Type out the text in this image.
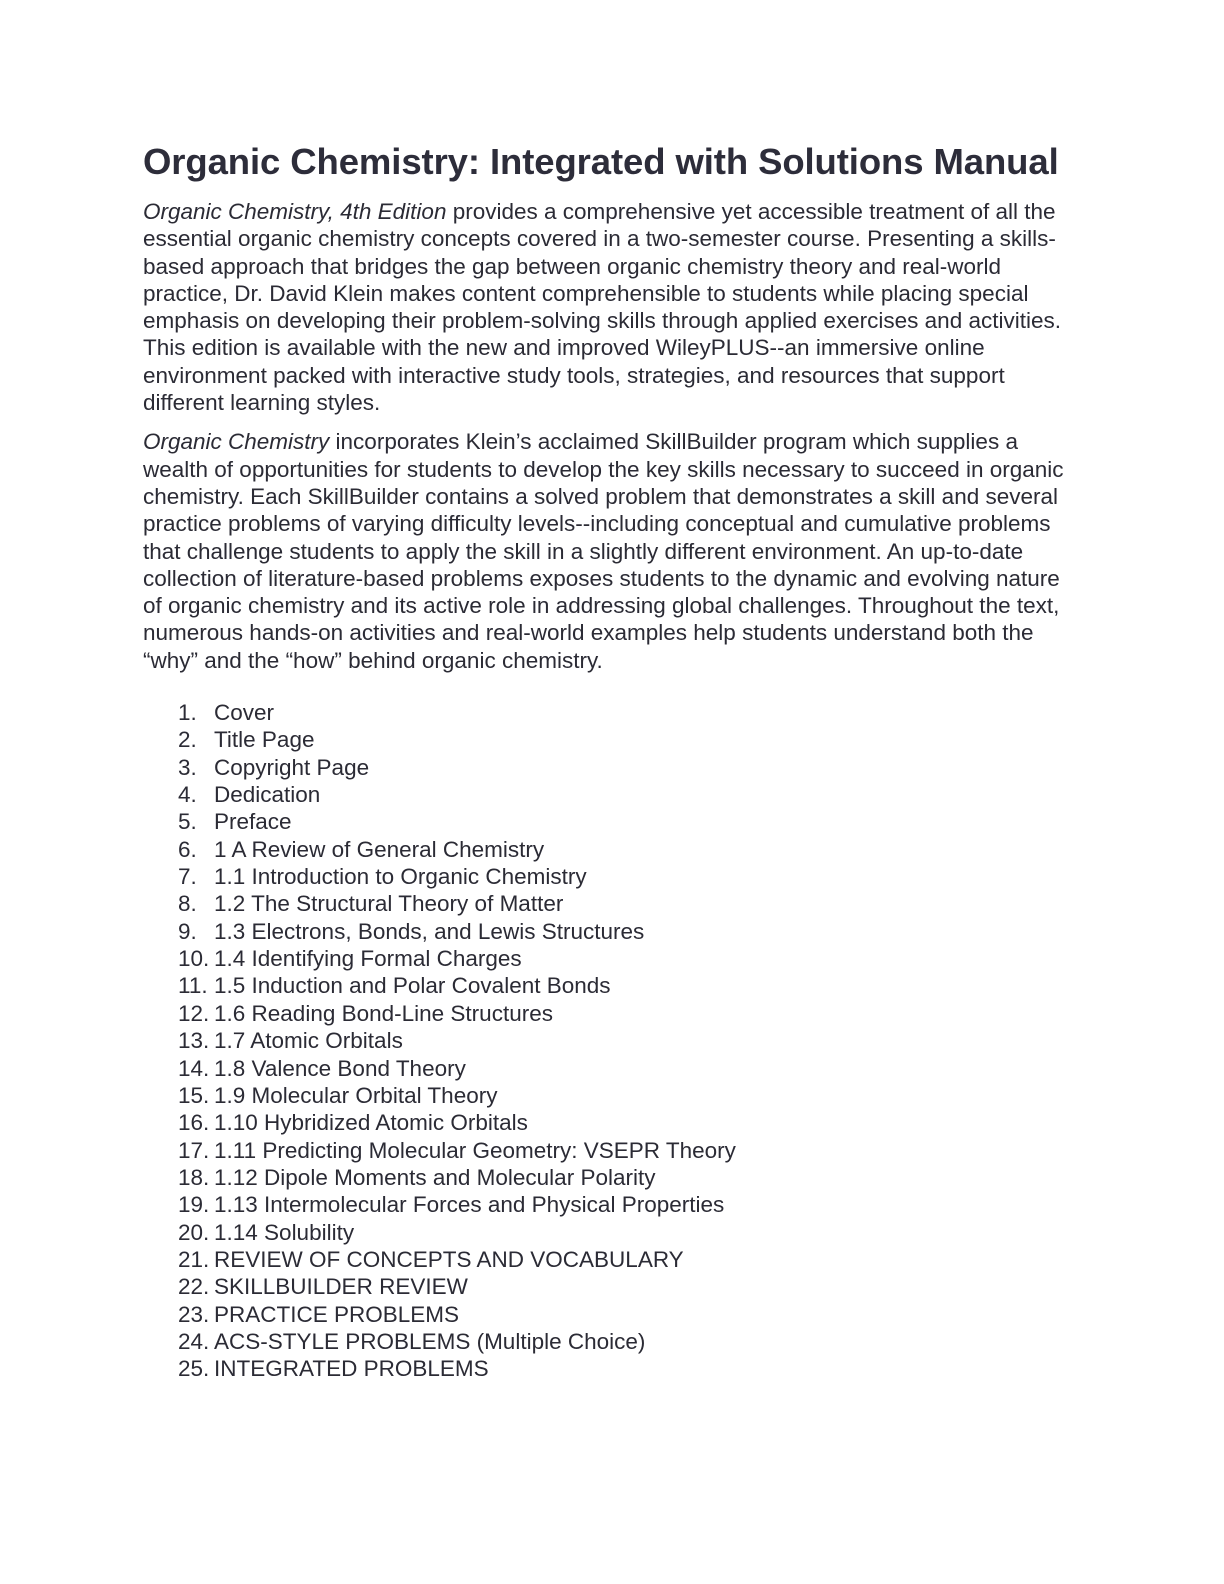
Organic Chemistry: Integrated with Solutions Manual

Organic Chemistry, 4th Edition provides a comprehensive yet accessible treatment of all the essential organic chemistry concepts covered in a two-semester course. Presenting a skills-based approach that bridges the gap between organic chemistry theory and real-world practice, Dr. David Klein makes content comprehensible to students while placing special emphasis on developing their problem-solving skills through applied exercises and activities. This edition is available with the new and improved WileyPLUS--an immersive online environment packed with interactive study tools, strategies, and resources that support different learning styles.

Organic Chemistry incorporates Klein’s acclaimed SkillBuilder program which supplies a wealth of opportunities for students to develop the key skills necessary to succeed in organic chemistry. Each SkillBuilder contains a solved problem that demonstrates a skill and several practice problems of varying difficulty levels--including conceptual and cumulative problems that challenge students to apply the skill in a slightly different environment. An up-to-date collection of literature-based problems exposes students to the dynamic and evolving nature of organic chemistry and its active role in addressing global challenges. Throughout the text, numerous hands-on activities and real-world examples help students understand both the “why” and the “how” behind organic chemistry.

1. Cover
2. Title Page
3. Copyright Page
4. Dedication
5. Preface
6. 1 A Review of General Chemistry
7. 1.1 Introduction to Organic Chemistry
8. 1.2 The Structural Theory of Matter
9. 1.3 Electrons, Bonds, and Lewis Structures
10. 1.4 Identifying Formal Charges
11. 1.5 Induction and Polar Covalent Bonds
12. 1.6 Reading Bond-Line Structures
13. 1.7 Atomic Orbitals
14. 1.8 Valence Bond Theory
15. 1.9 Molecular Orbital Theory
16. 1.10 Hybridized Atomic Orbitals
17. 1.11 Predicting Molecular Geometry: VSEPR Theory
18. 1.12 Dipole Moments and Molecular Polarity
19. 1.13 Intermolecular Forces and Physical Properties
20. 1.14 Solubility
21. REVIEW OF CONCEPTS AND VOCABULARY
22. SKILLBUILDER REVIEW
23. PRACTICE PROBLEMS
24. ACS-STYLE PROBLEMS (Multiple Choice)
25. INTEGRATED PROBLEMS
